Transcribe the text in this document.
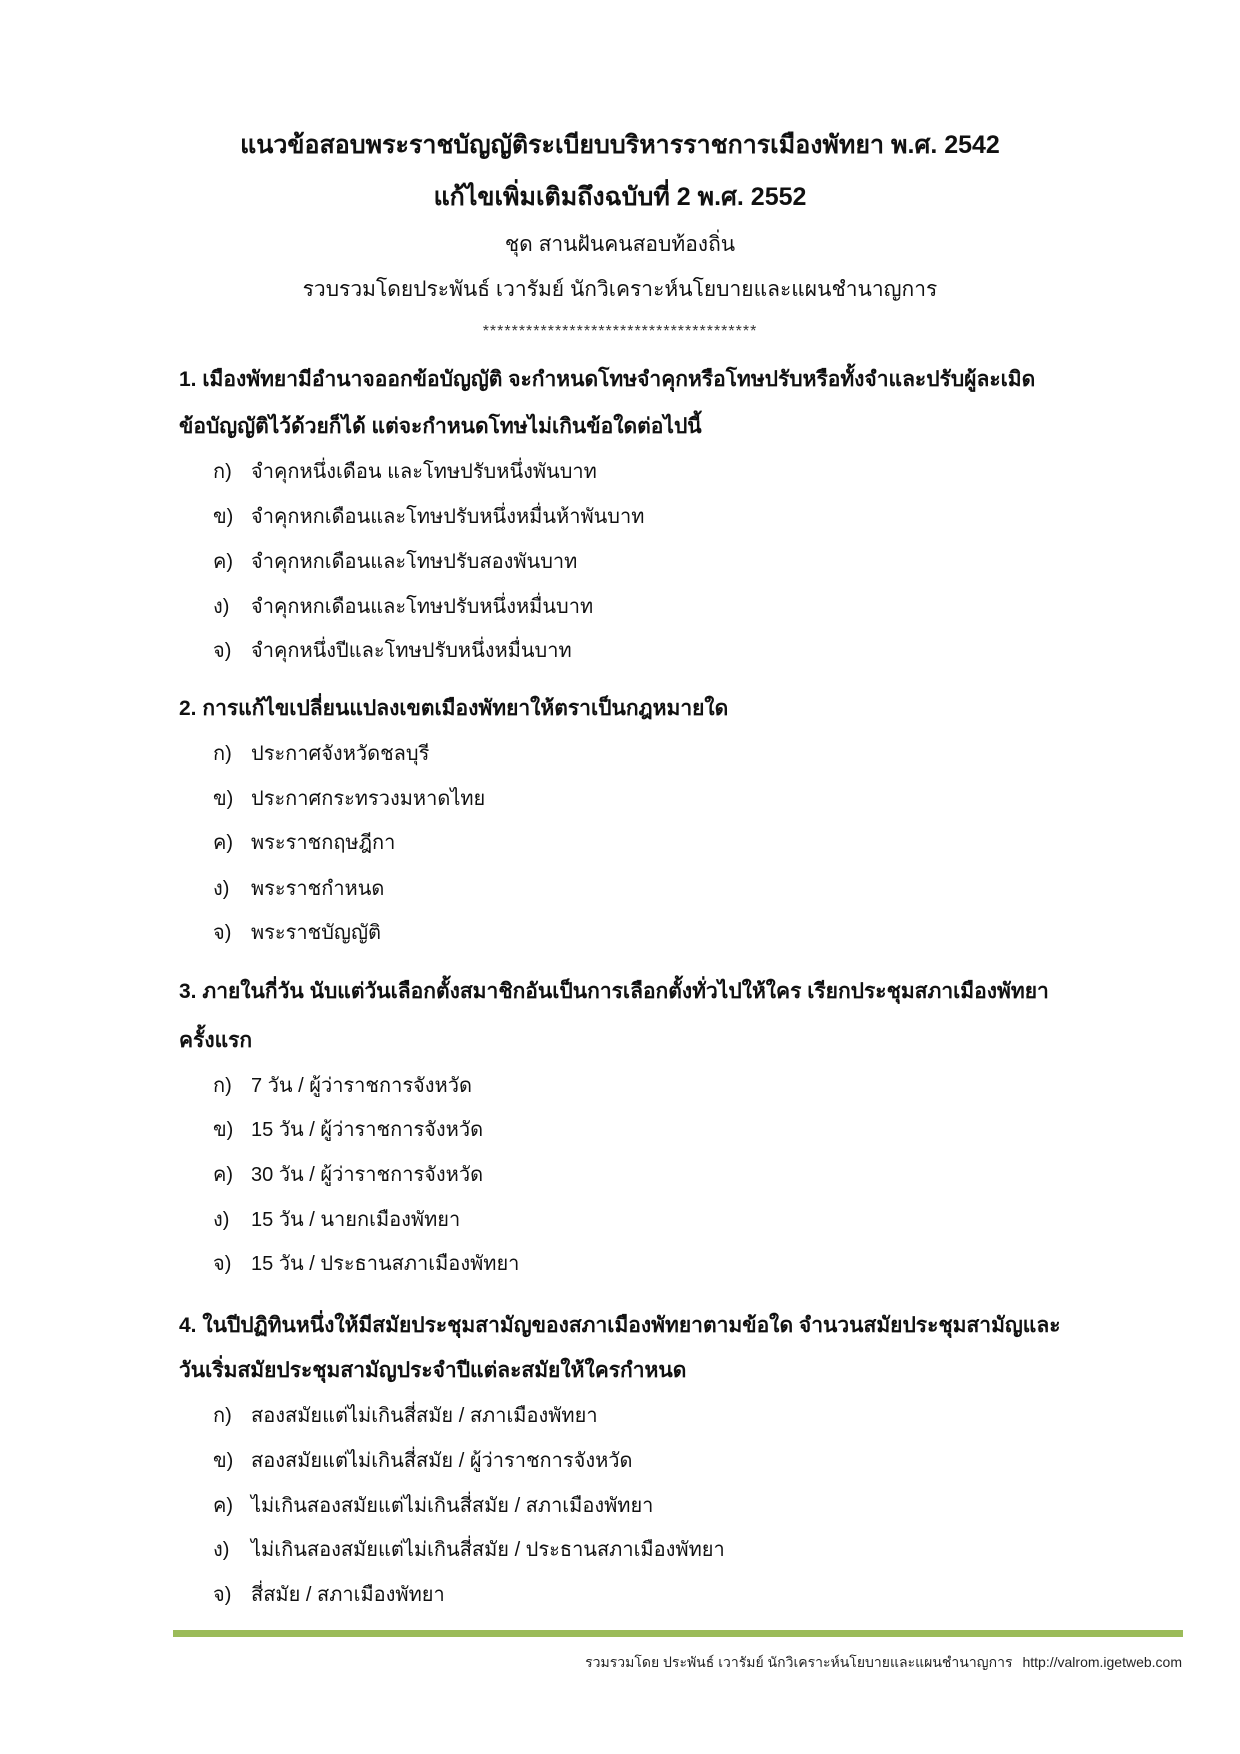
แนวข้อสอบพระราชบัญญัติระเบียบบริหารราชการเมืองพัทยา พ.ศ. 2542
แก้ไขเพิ่มเติมถึงฉบับที่ 2 พ.ศ. 2552
ชุด สานฝันคนสอบท้องถิ่น
รวบรวมโดยประพันธ์ เวารัมย์ นักวิเคราะห์นโยบายและแผนชำนาญการ
**************************************
1. เมืองพัทยามีอำนาจออกข้อบัญญัติ จะกำหนดโทษจำคุกหรือโทษปรับหรือทั้งจำและปรับผู้ละเมิด
ข้อบัญญัติไว้ด้วยก็ได้ แต่จะกำหนดโทษไม่เกินข้อใดต่อไปนี้
ก) จำคุกหนึ่งเดือน และโทษปรับหนึ่งพันบาท
ข) จำคุกหกเดือนและโทษปรับหนึ่งหมื่นห้าพันบาท
ค) จำคุกหกเดือนและโทษปรับสองพันบาท
ง) จำคุกหกเดือนและโทษปรับหนึ่งหมื่นบาท
จ) จำคุกหนึ่งปีและโทษปรับหนึ่งหมื่นบาท
2. การแก้ไขเปลี่ยนแปลงเขตเมืองพัทยาให้ตราเป็นกฎหมายใด
ก) ประกาศจังหวัดชลบุรี
ข) ประกาศกระทรวงมหาดไทย
ค) พระราชกฤษฎีกา
ง) พระราชกำหนด
จ) พระราชบัญญัติ
3. ภายในกี่วัน นับแต่วันเลือกตั้งสมาชิกอันเป็นการเลือกตั้งทั่วไปให้ใคร เรียกประชุมสภาเมืองพัทยา
ครั้งแรก
ก) 7 วัน / ผู้ว่าราชการจังหวัด
ข) 15 วัน / ผู้ว่าราชการจังหวัด
ค) 30 วัน / ผู้ว่าราชการจังหวัด
ง) 15 วัน / นายกเมืองพัทยา
จ) 15 วัน / ประธานสภาเมืองพัทยา
4. ในปีปฏิทินหนึ่งให้มีสมัยประชุมสามัญของสภาเมืองพัทยาตามข้อใด จำนวนสมัยประชุมสามัญและ
วันเริ่มสมัยประชุมสามัญประจำปีแต่ละสมัยให้ใครกำหนด
ก) สองสมัยแต่ไม่เกินสี่สมัย / สภาเมืองพัทยา
ข) สองสมัยแต่ไม่เกินสี่สมัย / ผู้ว่าราชการจังหวัด
ค) ไม่เกินสองสมัยแต่ไม่เกินสี่สมัย / สภาเมืองพัทยา
ง) ไม่เกินสองสมัยแต่ไม่เกินสี่สมัย / ประธานสภาเมืองพัทยา
จ) สี่สมัย / สภาเมืองพัทยา
รวมรวมโดย ประพันธ์ เวารัมย์ นักวิเคราะห์นโยบายและแผนชำนาญการ http://valrom.igetweb.com
